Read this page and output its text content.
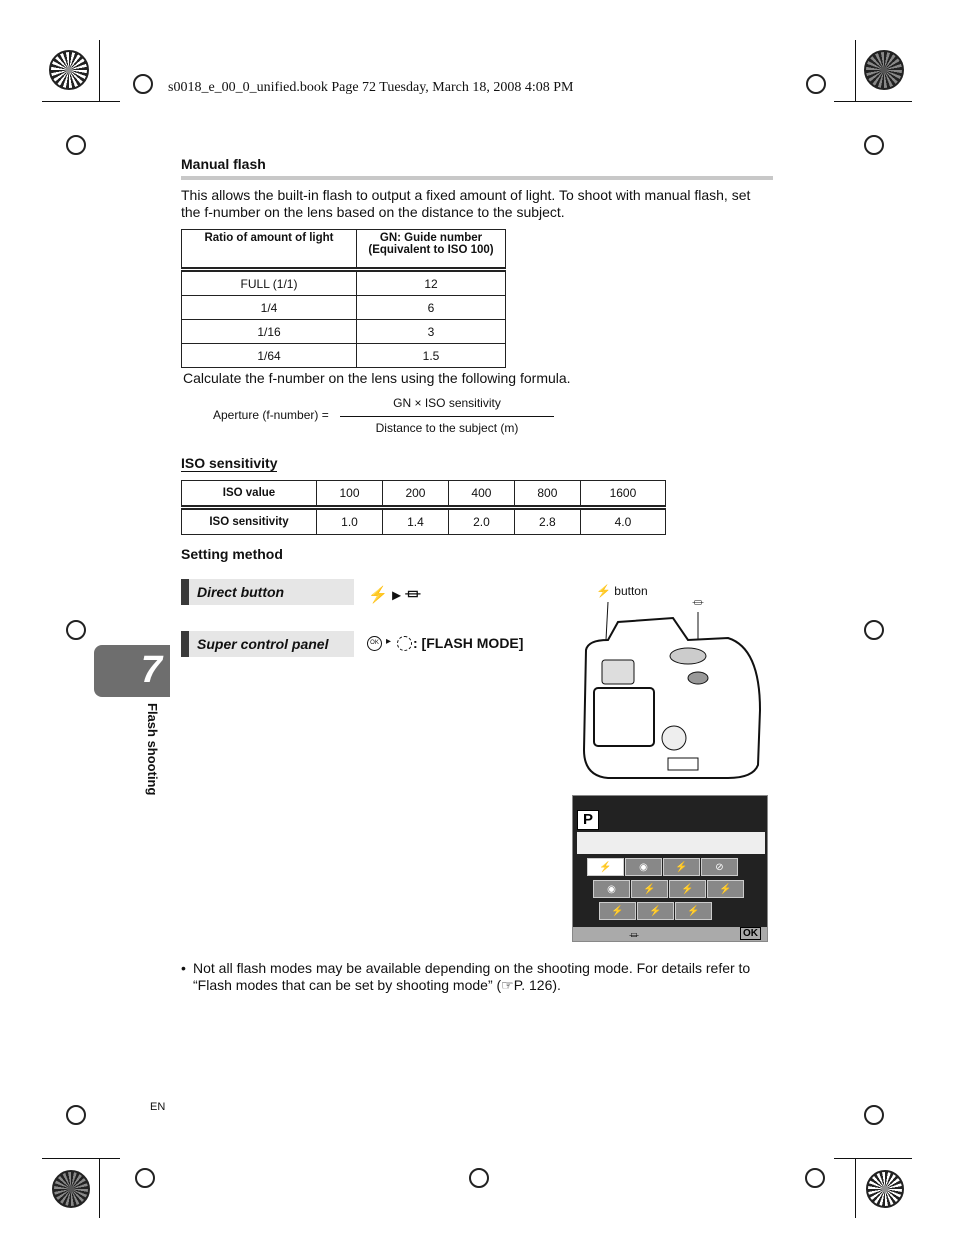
s0018_e_00_0_unified.book Page 72 Tuesday, March 18, 2008 4:08 PM
Manual flash
This allows the built-in flash to output a fixed amount of light. To shoot with manual flash, set the f-number on the lens based on the distance to the subject.
Ratio of amount of light	GN: Guide number (Equivalent to ISO 100)
FULL (1/1)	12
1/4	6
1/16	3
1/64	1.5
Calculate the f-number on the lens using the following formula.
Aperture (f-number) =
GN × ISO sensitivity
Distance to the subject (m)
ISO sensitivity
ISO value	100	200	400	800	1600
ISO sensitivity	1.0	1.4	2.0	2.8	4.0
Setting method
Direct button	⚡ ▸ ⏛
Super control panel	OK ▸ : [FLASH MODE]
⚡ button
⏛
P
⚡	◉	⚡	⊘
◉	⚡	⚡	⚡
⚡	⚡	⚡
⏛	OK
• Not all flash modes may be available depending on the shooting mode. For details refer to “Flash modes that can be set by shooting mode” (☞P. 126).
7
Flash shooting
EN
